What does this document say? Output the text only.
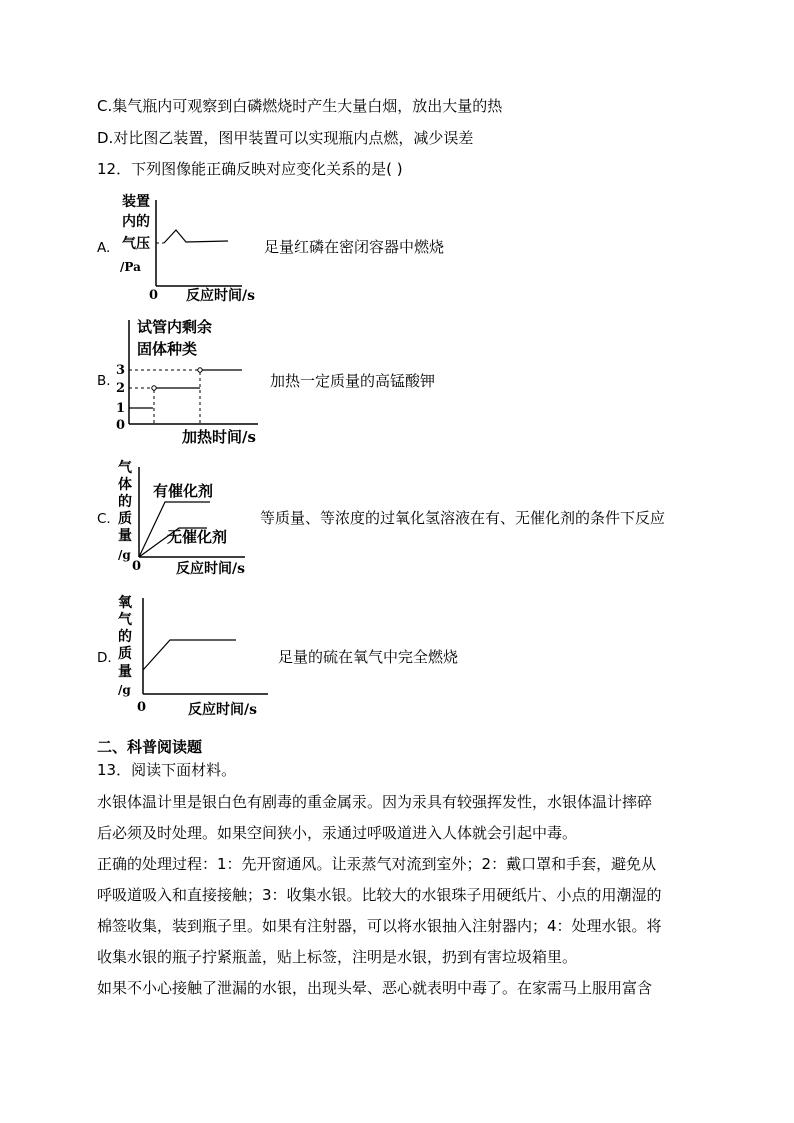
C.集气瓶内可观察到白磷燃烧时产生大量白烟，放出大量的热
D.对比图乙装置，图甲装置可以实现瓶内点燃，减少误差
12．下列图像能正确反映对应变化关系的是( )
A.
装置
内的
气压
/Pa
0 反应时间/s
足量红磷在密闭容器中燃烧
B.
试管内剩余
固体种类
3
2
1
0
加热时间/s
加热一定质量的高锰酸钾
C.
气
体
的
质
量
/g
有催化剂
无催化剂
0 反应时间/s
等质量、等浓度的过氧化氢溶液在有、无催化剂的条件下反应
D.
氧
气
的
质
量
/g
0	反应时间/s
足量的硫在氧气中完全燃烧
二、科普阅读题
13．阅读下面材料。
水银体温计里是银白色有剧毒的重金属汞。因为汞具有较强挥发性，水银体温计摔碎
后必须及时处理。如果空间狭小，汞通过呼吸道进入人体就会引起中毒。
正确的处理过程：1：先开窗通风。让汞蒸气对流到室外；2：戴口罩和手套，避免从
呼吸道吸入和直接接触；3：收集水银。比较大的水银珠子用硬纸片、小点的用潮湿的
棉签收集，装到瓶子里。如果有注射器，可以将水银抽入注射器内；4：处理水银。将
收集水银的瓶子拧紧瓶盖，贴上标签，注明是水银，扔到有害垃圾箱里。
如果不小心接触了泄漏的水银，出现头晕、恶心就表明中毒了。在家需马上服用富含
